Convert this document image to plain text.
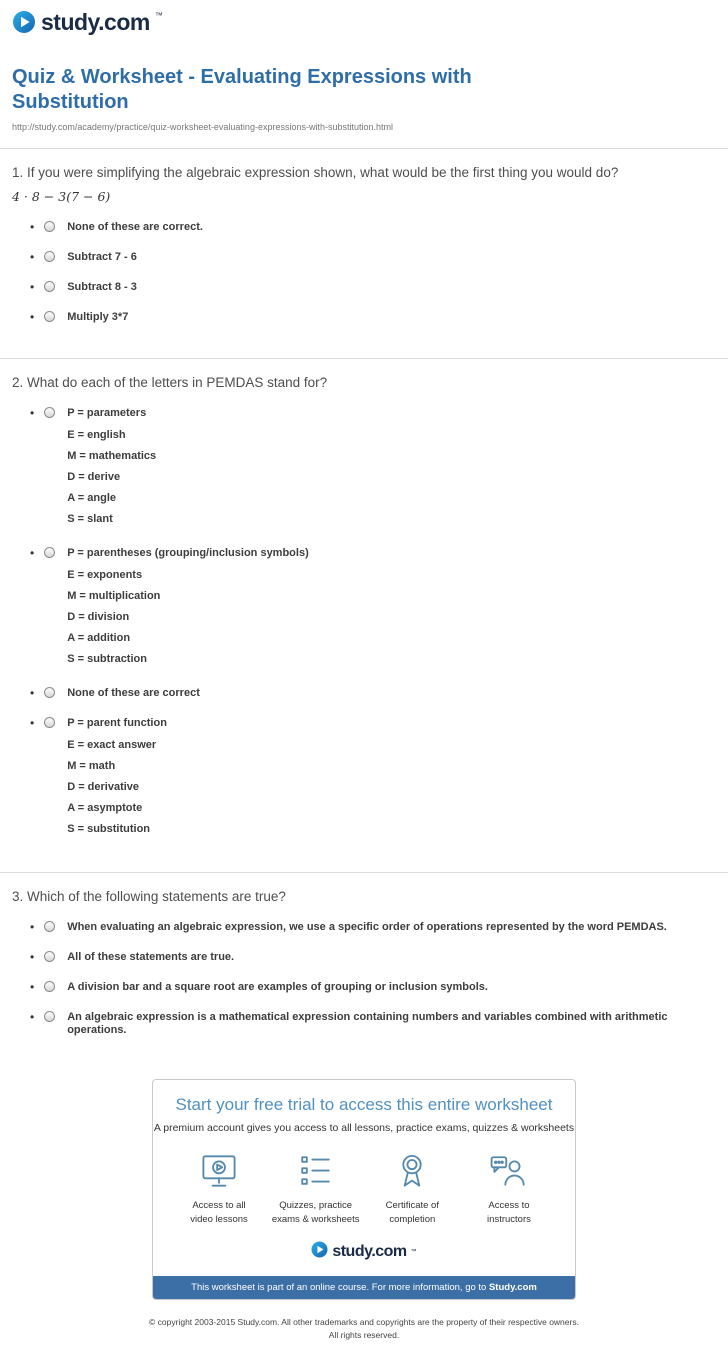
study.com ™
Quiz & Worksheet - Evaluating Expressions with Substitution
http://study.com/academy/practice/quiz-worksheet-evaluating-expressions-with-substitution.html
1. If you were simplifying the algebraic expression shown, what would be the first thing you would do?
4 · 8 − 3(7 − 6)
• None of these are correct.
• Subtract 7 - 6
• Subtract 8 - 3
• Multiply 3*7
2. What do each of the letters in PEMDAS stand for?
• P = parameters
E = english
M = mathematics
D = derive
A = angle
S = slant
• P = parentheses (grouping/inclusion symbols)
E = exponents
M = multiplication
D = division
A = addition
S = subtraction
• None of these are correct
• P = parent function
E = exact answer
M = math
D = derivative
A = asymptote
S = substitution
3. Which of the following statements are true?
• When evaluating an algebraic expression, we use a specific order of operations represented by the word PEMDAS.
• All of these statements are true.
• A division bar and a square root are examples of grouping or inclusion symbols.
• An algebraic expression is a mathematical expression containing numbers and variables combined with arithmetic operations.
Start your free trial to access this entire worksheet
A premium account gives you access to all lessons, practice exams, quizzes & worksheets
Access to all
video lessons
Quizzes, practice
exams & worksheets
Certificate of
completion
Access to
instructors
study.com ™
This worksheet is part of an online course. For more information, go to Study.com
© copyright 2003-2015 Study.com. All other trademarks and copyrights are the property of their respective owners.
All rights reserved.
